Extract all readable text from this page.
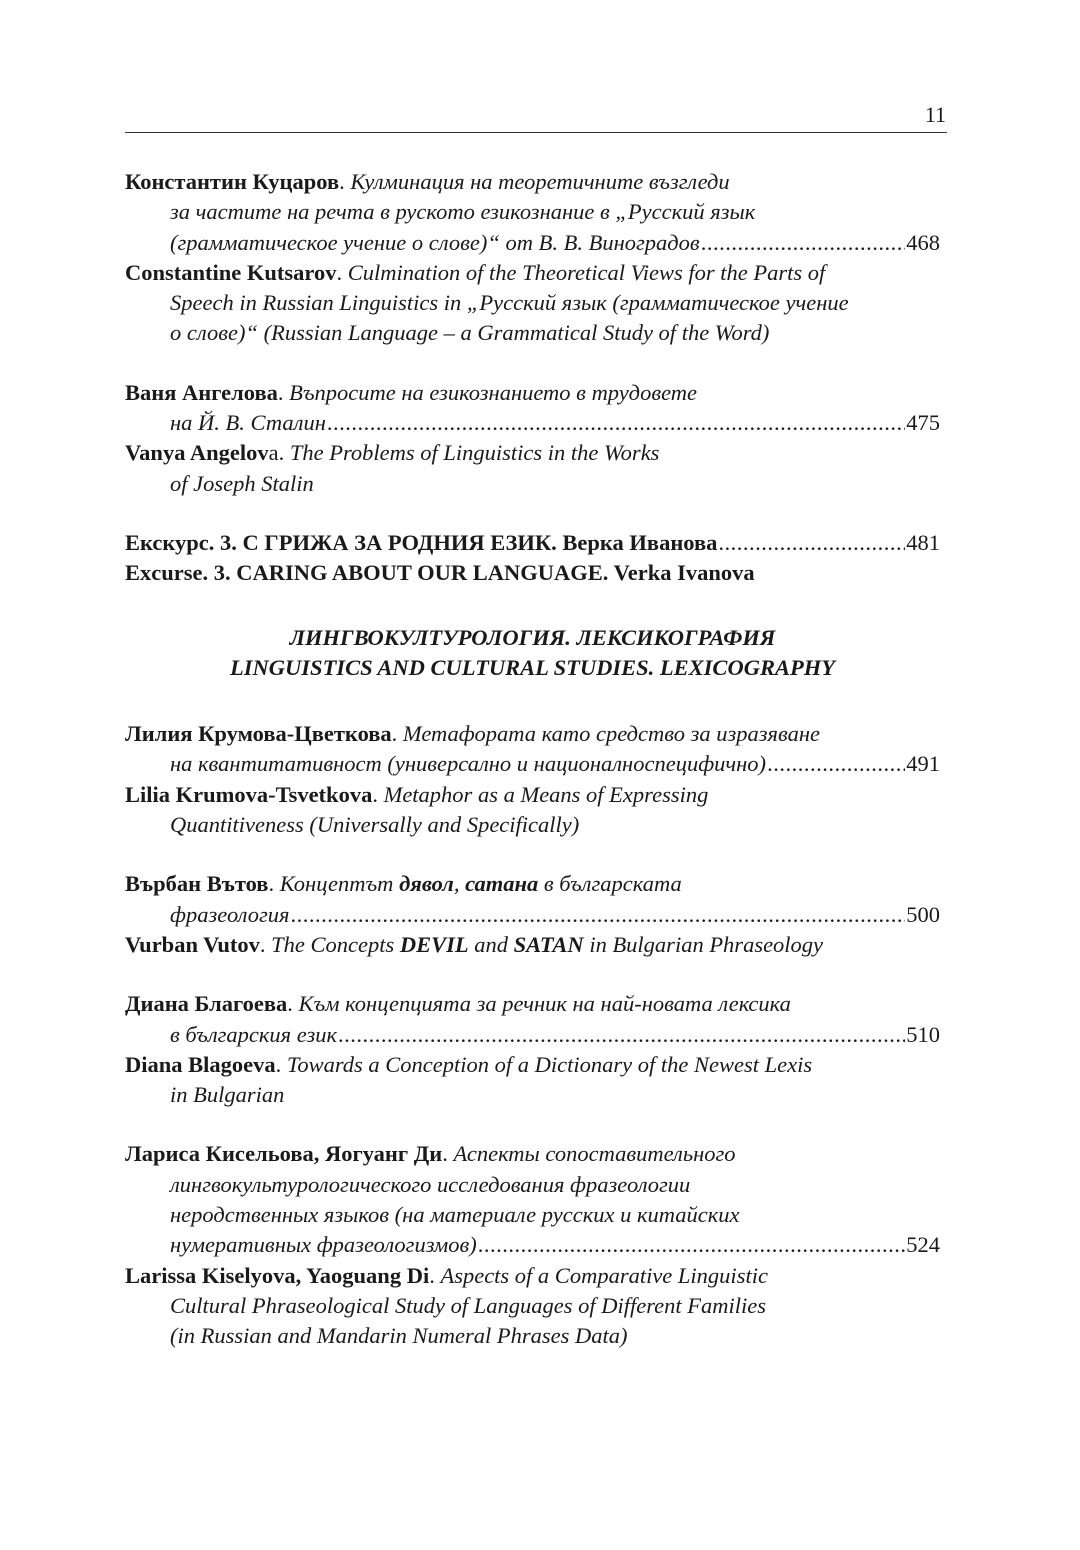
11
Константин Куцаров. Кулминация на теоретичните възгледи
за частите на речта в руското езикознание в „Русский язык
(грамматическое учение о слове)“ от В. В. Виноградов .....	468
Constantine Kutsarov. Culmination of the Theoretical Views for the Parts of
Speech in Russian Linguistics in „Русский язык (грамматическое учение
о слове)“ (Russian Language – a Grammatical Study of the Word)
Ваня Ангелова. Въпросите на езикознанието в трудовете
на Й. В. Сталин .....	475
Vanya Angelova. The Problems of Linguistics in the Works
of Joseph Stalin
Екскурс. 3. С ГРИЖА ЗА РОДНИЯ ЕЗИК. Верка Иванова .....	481
Excurse. 3. CARING ABOUT OUR LANGUAGE. Verka Ivanova
ЛИНГВОКУЛТУРОЛОГИЯ. ЛЕКСИКОГРАФИЯ
LINGUISTICS AND CULTURAL STUDIES. LEXICOGRAPHY
Лилия Крумова-Цветкова. Метафората като средство за изразяване
на квантитативност (универсално и националноспецифично) .....	491
Lilia Krumova-Tsvetkova. Metaphor as a Means of Expressing
Quantitiveness (Universally and Specifically)
Върбан Вътов. Концептът дявол, сатана в българската
фразеология .....	500
Vurban Vutov. The Concepts DEVIL and SATAN in Bulgarian Phraseology
Диана Благоева. Към концепцията за речник на най-новата лексика
в българския език .....	510
Diana Blagoeva. Towards a Conception of a Dictionary of the Newest Lexis
in Bulgarian
Лариса Кисельова, Яогуанг Ди. Аспекты сопоставительного
лингвокультурологического исследования фразеологии
неродственных языков (на материале русских и китайских
нумеративных фразеологизмов) .....	524
Larissa Kiselyova, Yaoguang Di. Aspects of a Comparative Linguistic
Cultural Phraseological Study of Languages of Different Families
(in Russian and Mandarin Numeral Phrases Data)
